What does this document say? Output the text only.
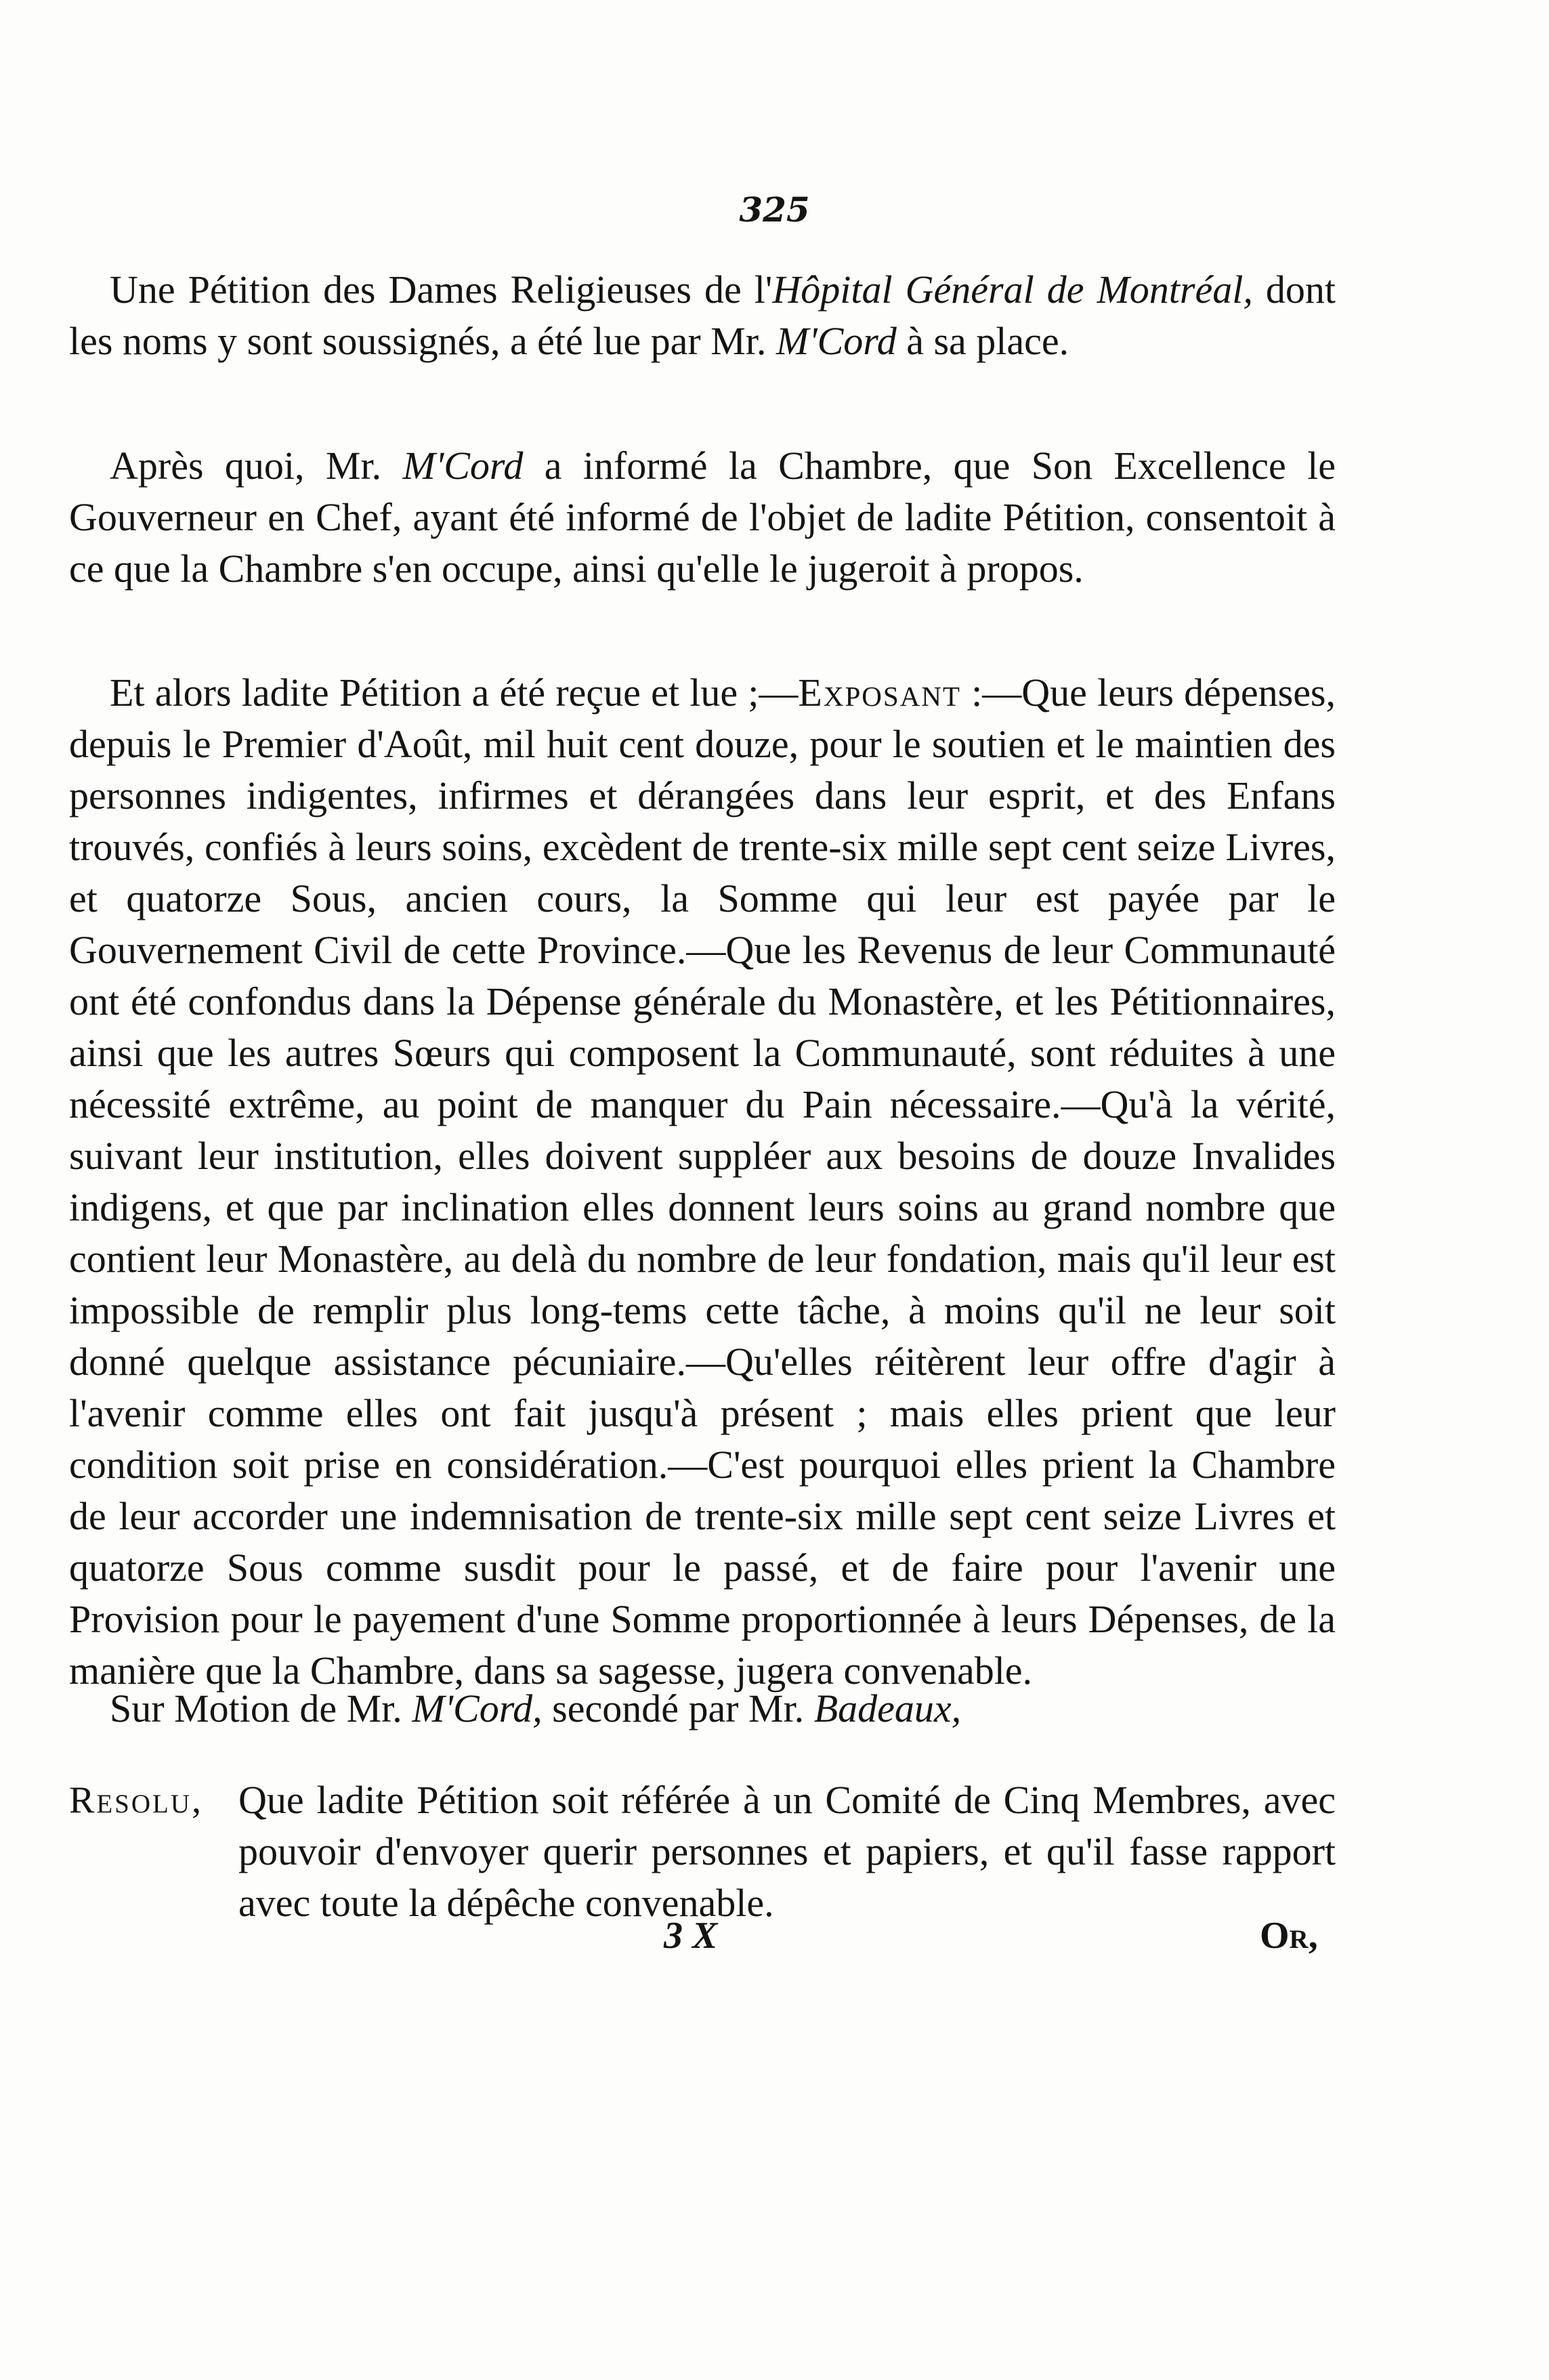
325
Une Pétition des Dames Religieuses de l'Hôpital Général de Montréal, dont les noms y sont soussignés, a été lue par Mr. M'Cord à sa place.
Après quoi, Mr. M'Cord a informé la Chambre, que Son Excellence le Gouverneur en Chef, ayant été informé de l'objet de ladite Pétition, consentoit à ce que la Chambre s'en occupe, ainsi qu'elle le jugeroit à propos.
Et alors ladite Pétition a été reçue et lue ;—Exposant :—Que leurs dépenses, depuis le Premier d'Août, mil huit cent douze, pour le soutien et le maintien des personnes indigentes, infirmes et dérangées dans leur esprit, et des Enfans trouvés, confiés à leurs soins, excèdent de trente-six mille sept cent seize Livres, et quatorze Sous, ancien cours, la Somme qui leur est payée par le Gouvernement Civil de cette Province.—Que les Revenus de leur Communauté ont été confondus dans la Dépense générale du Monastère, et les Pétitionnaires, ainsi que les autres Sœurs qui composent la Communauté, sont réduites à une nécessité extrême, au point de manquer du Pain nécessaire.—Qu'à la vérité, suivant leur institution, elles doivent suppléer aux besoins de douze Invalides indigens, et que par inclination elles donnent leurs soins au grand nombre que contient leur Monastère, au delà du nombre de leur fondation, mais qu'il leur est impossible de remplir plus long-tems cette tâche, à moins qu'il ne leur soit donné quelque assistance pécuniaire.—Qu'elles réitèrent leur offre d'agir à l'avenir comme elles ont fait jusqu'à présent ; mais elles prient que leur condition soit prise en considération.—C'est pourquoi elles prient la Chambre de leur accorder une indemnisation de trente-six mille sept cent seize Livres et quatorze Sous comme susdit pour le passé, et de faire pour l'avenir une Provision pour le payement d'une Somme proportionnée à leurs Dépenses, de la manière que la Chambre, dans sa sagesse, jugera convenable.
Sur Motion de Mr. M'Cord, secondé par Mr. Badeaux,
Resolu, Que ladite Pétition soit référée à un Comité de Cinq Membres, avec pouvoir d'envoyer querir personnes et papiers, et qu'il fasse rapport avec toute la dépêche convenable.
3 X	Or,
